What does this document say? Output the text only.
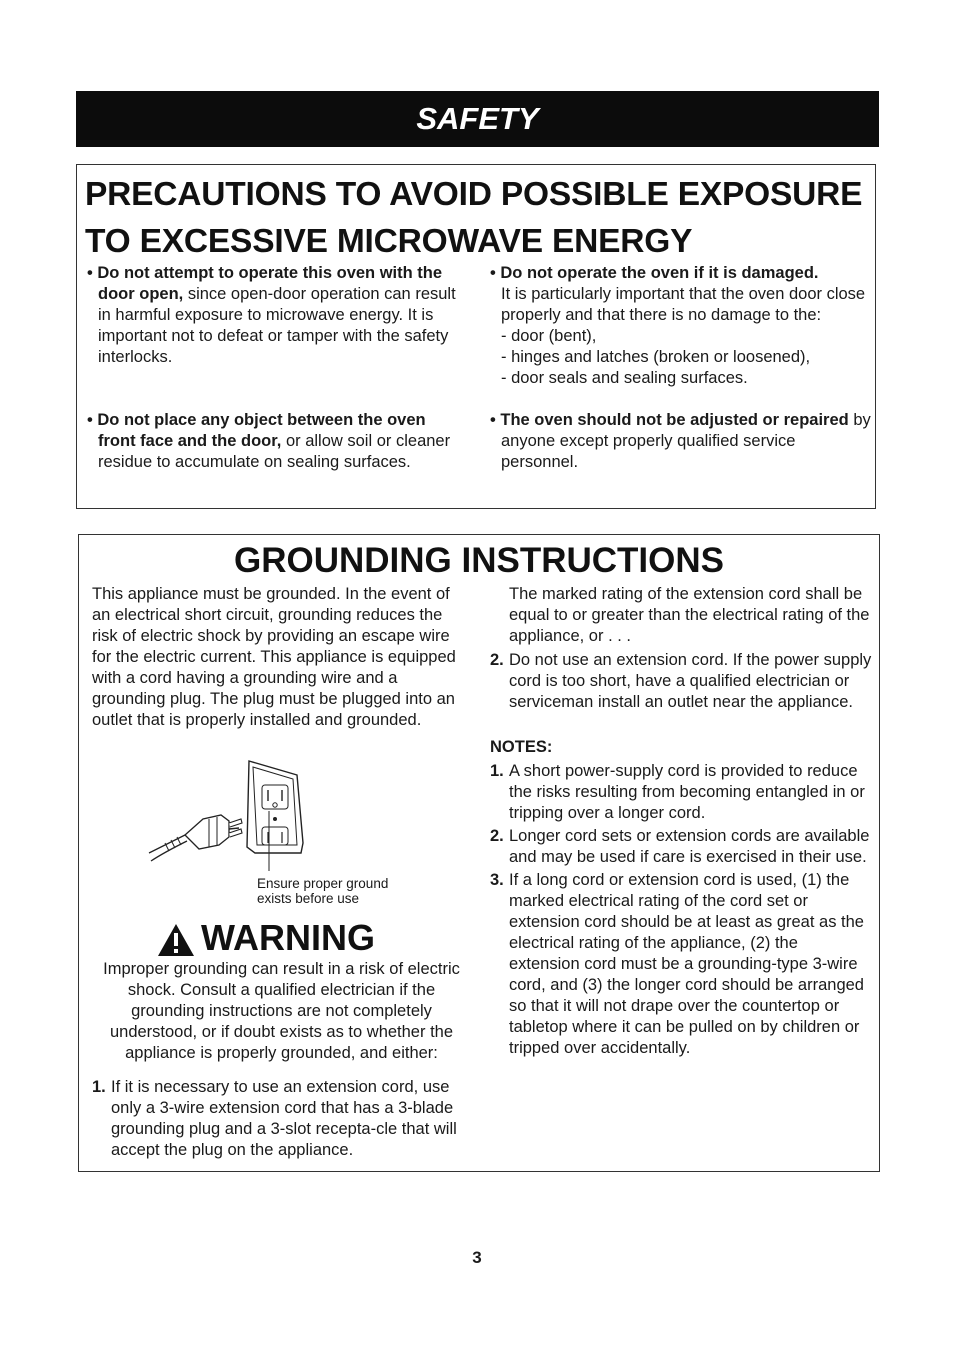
SAFETY
PRECAUTIONS TO AVOID POSSIBLE EXPOSURE
TO EXCESSIVE MICROWAVE ENERGY

• Do not attempt to operate this oven with the door open, since open-door operation can result in harmful exposure to microwave energy. It is important not to defeat or tamper with the safety interlocks.

• Do not place any object between the oven front face and the door, or allow soil or cleaner residue to accumulate on sealing surfaces.

• Do not operate the oven if it is damaged.

It is particularly important that the oven door close properly and that there is no damage to the:

- door (bent),

- hinges and latches (broken or loosened),

- door seals and sealing surfaces.

• The oven should not be adjusted or repaired by anyone except properly qualified service personnel.

GROUNDING INSTRUCTIONS

This appliance must be grounded. In the event of an electrical short circuit, grounding reduces the risk of electric shock by providing an escape wire for the electric current. This appliance is equipped with a cord having a grounding wire and a grounding plug. The plug must be plugged into an outlet that is properly installed and grounded.

Ensure proper ground
exists before use
WARNING

Improper grounding can result in a risk of electric shock. Consult a qualified electrician if the grounding instructions are not completely understood, or if doubt exists as to whether the appliance is properly grounded, and either:

1. If it is necessary to use an extension cord, use only a 3-wire extension cord that has a 3-blade grounding plug and a 3-slot recepta-cle that will accept the plug on the appliance.

The marked rating of the extension cord shall be equal to or greater than the electrical rating of the appliance, or . . .

2. Do not use an extension cord. If the power supply cord is too short, have a qualified electrician or serviceman install an outlet near the appliance.

NOTES:

1. A short power-supply cord is provided to reduce the risks resulting from becoming entangled in or tripping over a longer cord.

2. Longer cord sets or extension cords are available and may be used if care is exercised in their use.

3. If a long cord or extension cord is used, (1) the marked electrical rating of the cord set or extension cord should be at least as great as the electrical rating of the appliance, (2) the extension cord must be a grounding-type 3-wire cord, and (3) the longer cord should be arranged so that it will not drape over the countertop or tabletop where it can be pulled on by children or tripped over accidentally.

3
